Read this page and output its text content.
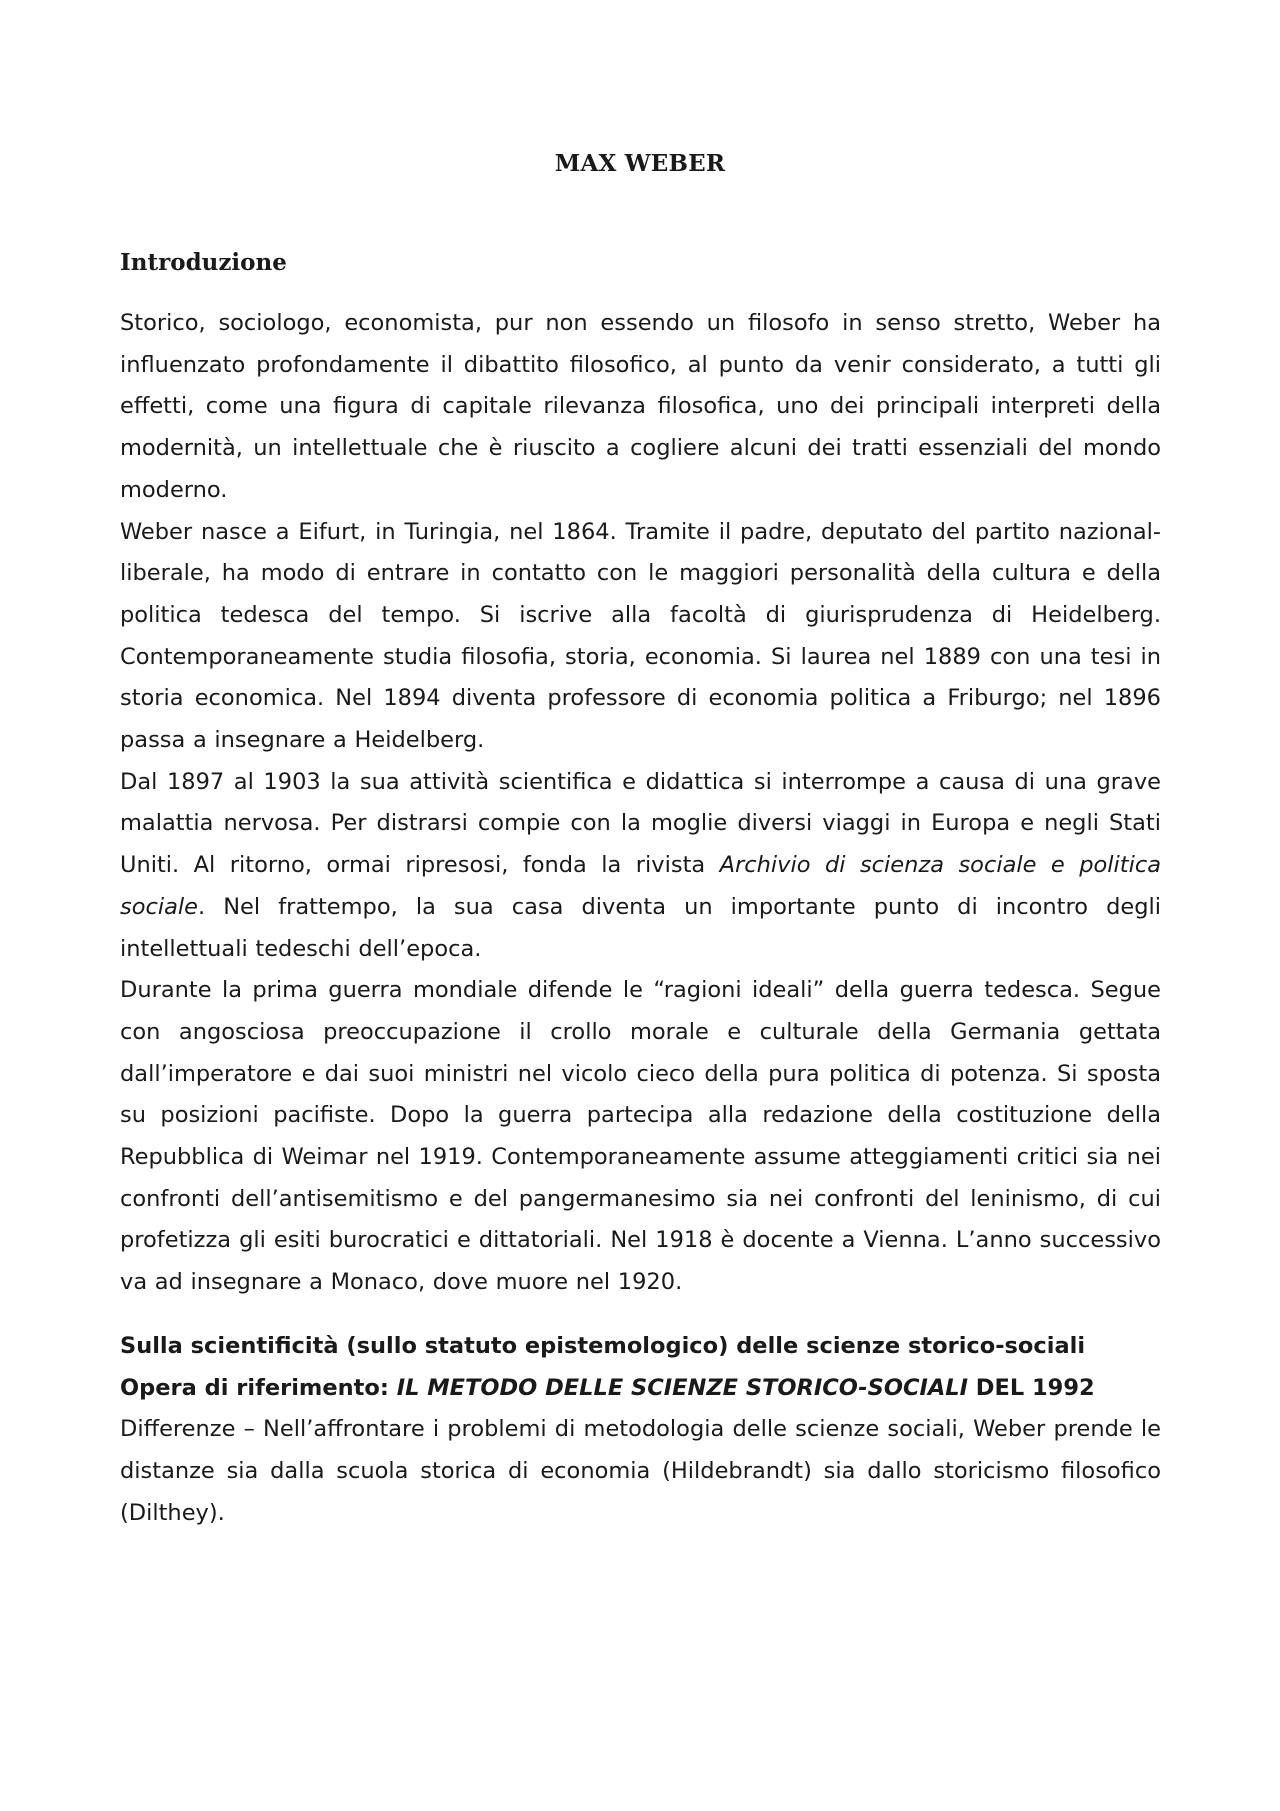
MAX WEBER
Introduzione

Storico, sociologo, economista, pur non essendo un filosofo in senso stretto, Weber ha influenzato profondamente il dibattito filosofico, al punto da venir considerato, a tutti gli effetti, come una figura di capitale rilevanza filosofica, uno dei principali interpreti della modernità, un intellettuale che è riuscito a cogliere alcuni dei tratti essenziali del mondo moderno.

Weber nasce a Eifurt, in Turingia, nel 1864. Tramite il padre, deputato del partito nazional-liberale, ha modo di entrare in contatto con le maggiori personalità della cultura e della politica tedesca del tempo. Si iscrive alla facoltà di giurisprudenza di Heidelberg. Contemporaneamente studia filosofia, storia, economia. Si laurea nel 1889 con una tesi in storia economica. Nel 1894 diventa professore di economia politica a Friburgo; nel 1896 passa a insegnare a Heidelberg.

Dal 1897 al 1903 la sua attività scientifica e didattica si interrompe a causa di una grave malattia nervosa. Per distrarsi compie con la moglie diversi viaggi in Europa e negli Stati Uniti. Al ritorno, ormai ripresosi, fonda la rivista Archivio di scienza sociale e politica sociale. Nel frattempo, la sua casa diventa un importante punto di incontro degli intellettuali tedeschi dell’epoca.

Durante la prima guerra mondiale difende le “ragioni ideali” della guerra tedesca. Segue con angosciosa preoccupazione il crollo morale e culturale della Germania gettata dall’imperatore e dai suoi ministri nel vicolo cieco della pura politica di potenza. Si sposta su posizioni pacifiste. Dopo la guerra partecipa alla redazione della costituzione della Repubblica di Weimar nel 1919. Contemporaneamente assume atteggiamenti critici sia nei confronti dell’antisemitismo e del pangermanesimo sia nei confronti del leninismo, di cui profetizza gli esiti burocratici e dittatoriali. Nel 1918 è docente a Vienna. L’anno successivo va ad insegnare a Monaco, dove muore nel 1920.

Sulla scientificità (sullo statuto epistemologico) delle scienze storico-sociali

Opera di riferimento: IL METODO DELLE SCIENZE STORICO-SOCIALI DEL 1992

Differenze – Nell’affrontare i problemi di metodologia delle scienze sociali, Weber prende le distanze sia dalla scuola storica di economia (Hildebrandt) sia dallo storicismo filosofico (Dilthey).
